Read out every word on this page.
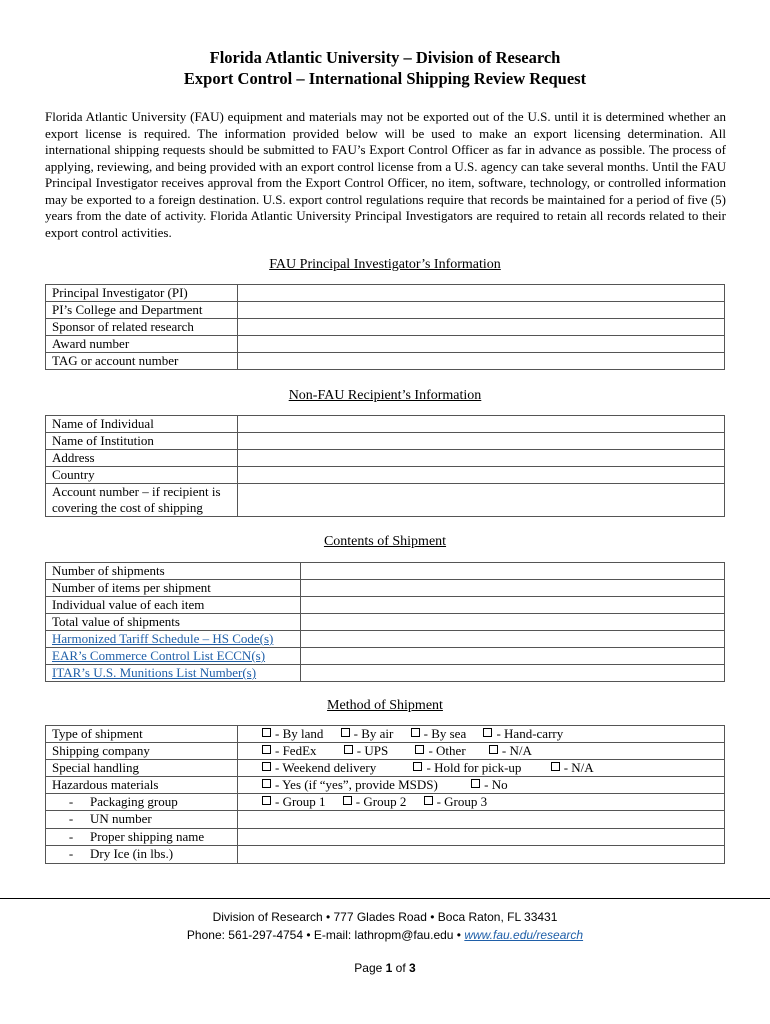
Florida Atlantic University – Division of Research
Export Control – International Shipping Review Request

Florida Atlantic University (FAU) equipment and materials may not be exported out of the U.S. until it is determined whether an export license is required. The information provided below will be used to make an export licensing determination. All international shipping requests should be submitted to FAU’s Export Control Officer as far in advance as possible. The process of applying, reviewing, and being provided with an export control license from a U.S. agency can take several months. Until the FAU Principal Investigator receives approval from the Export Control Officer, no item, software, technology, or controlled information may be exported to a foreign destination. U.S. export control regulations require that records be maintained for a period of five (5) years from the date of activity. Florida Atlantic University Principal Investigators are required to retain all records related to their export control activities.

FAU Principal Investigator’s Information
Principal Investigator (PI)	
PI’s College and Department	
Sponsor of related research	
Award number	
TAG or account number	
Non-FAU Recipient’s Information
Name of Individual	
Name of Institution	
Address	
Country	
Account number – if recipient is covering the cost of shipping	
Contents of Shipment
Number of shipments	
Number of items per shipment	
Individual value of each item	
Total value of shipments	
Harmonized Tariff Schedule – HS Code(s)	
EAR’s Commerce Control List ECCN(s)	
ITAR’s U.S. Munitions List Number(s)	
Method of Shipment
Type of shipment	- By land - By air - By sea - Hand-carry
Shipping company	- FedEx - UPS - Other - N/A
Special handling	- Weekend delivery - Hold for pick-up - N/A
Hazardous materials	- Yes (if “yes”, provide MSDS) - No
- Packaging group	- Group 1 - Group 2 - Group 3
- UN number	
- Proper shipping name	
- Dry Ice (in lbs.)	
Division of Research • 777 Glades Road • Boca Raton, FL 33431
Phone: 561-297-4754 • E-mail: lathropm@fau.edu • www.fau.edu/research
Page 1 of 3
